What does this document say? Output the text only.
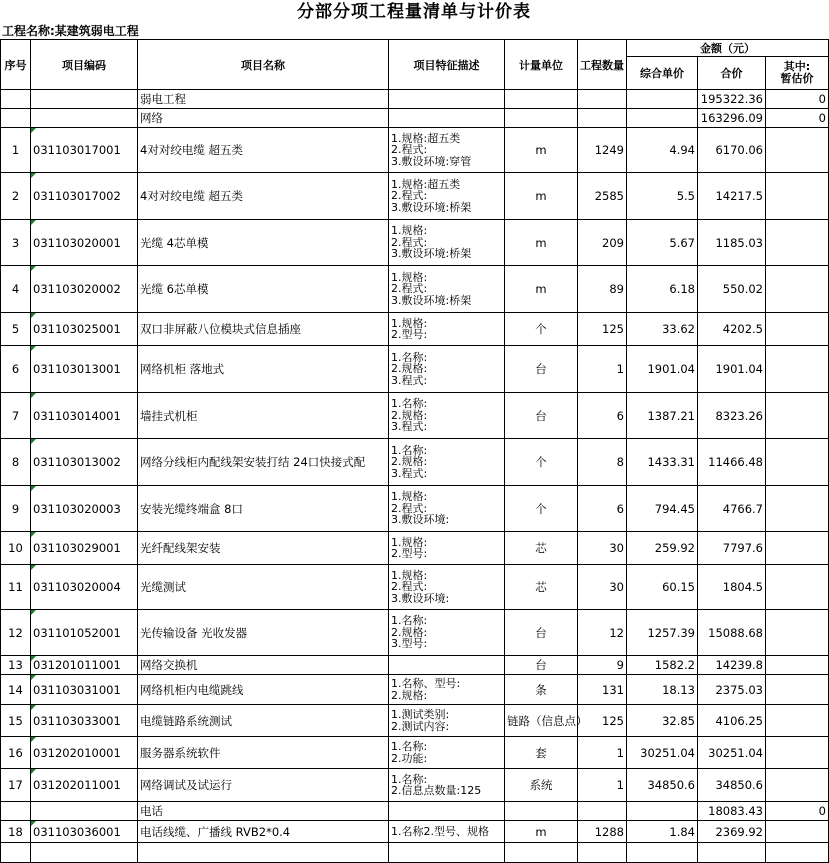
分部分项工程量清单与计价表
工程名称:某建筑弱电工程
序号	项目编码	项目名称	项目特征描述	计量单位	工程数量	金额（元）		
						综合单价	合价	其中:
暂估价
		弱电工程					195322.36	0
		网络					163296.09	0
1	031103017001	4对对绞电缆 超五类	1.规格:超五类
2.程式:
3.敷设环境:穿管	m	1249	4.94	6170.06	
2	031103017002	4对对绞电缆 超五类	1.规格:超五类
2.程式:
3.敷设环境:桥架	m	2585	5.5	14217.5	
3	031103020001	光缆 4芯单模	1.规格:
2.程式:
3.敷设环境:桥架	m	209	5.67	1185.03	
4	031103020002	光缆 6芯单模	1.规格:
2.程式:
3.敷设环境:桥架	m	89	6.18	550.02	
5	031103025001	双口非屏蔽八位模块式信息插座	1.规格:
2.型号:	个	125	33.62	4202.5	
6	031103013001	网络机柜 落地式	1.名称:
2.规格:
3.程式:	台	1	1901.04	1901.04	
7	031103014001	墙挂式机柜	1.名称:
2.规格:
3.程式:	台	6	1387.21	8323.26	
8	031103013002	网络分线柜内配线架安装打结 24口快接式配	1.名称:
2.规格:
3.程式:	个	8	1433.31	11466.48	
9	031103020003	安装光缆终端盒 8口	1.规格:
2.程式:
3.敷设环境:	个	6	794.45	4766.7	
10	031103029001	光纤配线架安装	1.规格:
2.型号:	芯	30	259.92	7797.6	
11	031103020004	光缆测试	1.规格:
2.程式:
3.敷设环境:	芯	30	60.15	1804.5	
12	031101052001	光传输设备 光收发器	1.名称:
2.规格:
3.型号:	台	12	1257.39	15088.68	
13	031201011001	网络交换机		台	9	1582.2	14239.8	
14	031103031001	网络机柜内电缆跳线	1.名称、型号:
2.规格:	条	131	18.13	2375.03	
15	031103033001	电缆链路系统测试	1.测试类别:
2.测试内容:	链路（信息点）	125	32.85	4106.25	
16	031202010001	服务器系统软件	1.名称:
2.功能:	套	1	30251.04	30251.04	
17	031202011001	网络调试及试运行	1.名称:
2.信息点数量:125	系统	1	34850.6	34850.6	
		电话					18083.43	0
18	031103036001	电话线缆、广播线 RVB2*0.4	1.名称2.型号、规格	m	1288	1.84	2369.92	
